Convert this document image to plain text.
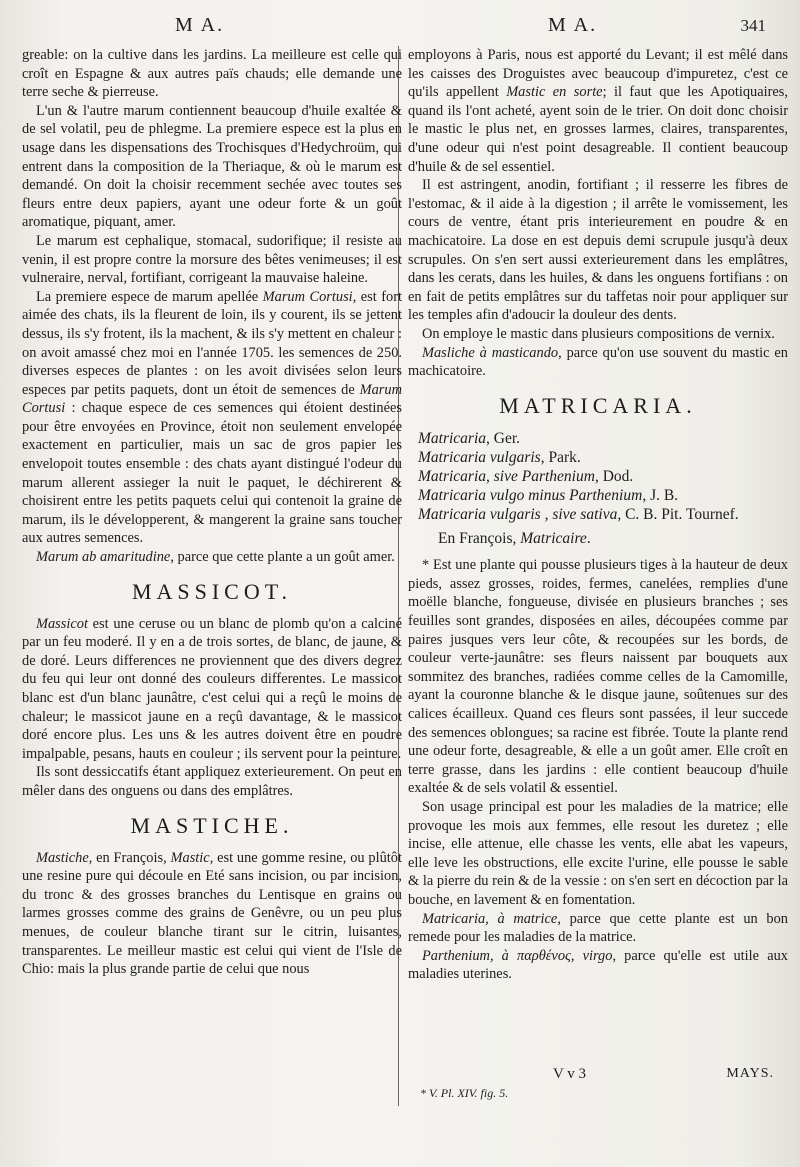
M A.	M A.	341

greable: on la cultive dans les jardins. La meilleure est celle qui croît en Espagne & aux autres païs chauds; elle demande une terre seche & pierreuse.

L'un & l'autre marum contiennent beaucoup d'huile exaltée & de sel volatil, peu de phlegme. La premiere espece est la plus en usage dans les dispensations des Trochisques d'Hedychroüm, qui entrent dans la composition de la Theriaque, & où le marum est demandé. On doit la choisir recemment sechée avec toutes ses fleurs entre deux papiers, ayant une odeur forte & un goût aromatique, piquant, amer.

Le marum est cephalique, stomacal, sudorifique; il resiste au venin, il est propre contre la morsure des bêtes venimeuses; il est vulneraire, nerval, fortifiant, corrigeant la mauvaise haleine.

La premiere espece de marum apellée Marum Cortusi, est fort aimée des chats, ils la fleurent de loin, ils y courent, ils se jettent dessus, ils s'y frotent, ils la machent, & ils s'y mettent en chaleur : on avoit amassé chez moi en l'année 1705. les semences de 250. diverses especes de plantes : on les avoit divisées selon leurs especes par petits paquets, dont un étoit de semences de Marum Cortusi : chaque espece de ces semences qui étoient destinées pour être envoyées en Province, étoit non seulement envelopée exactement en particulier, mais un sac de gros papier les envelopoit toutes ensemble : des chats ayant distingué l'odeur du marum allerent assieger la nuit le paquet, le déchirerent & choisirent entre les petits paquets celui qui contenoit la graine de marum, ils le développerent, & mangerent la graine sans toucher aux autres semences.

Marum ab amaritudine, parce que cette plante a un goût amer.

MASSICOT.

Massicot est une ceruse ou un blanc de plomb qu'on a calciné par un feu moderé. Il y en a de trois sortes, de blanc, de jaune, & de doré. Leurs differences ne proviennent que des divers degrez du feu qui leur ont donné des couleurs differentes. Le massicot blanc est d'un blanc jaunâtre, c'est celui qui a reçû le moins de chaleur; le massicot jaune en a reçû davantage, & le massicot doré encore plus. Les uns & les autres doivent être en poudre impalpable, pesans, hauts en couleur ; ils servent pour la peinture.

Ils sont dessiccatifs étant appliquez exterieurement. On peut en mêler dans des onguens ou dans des emplâtres.

MASTICHE.

Mastiche, en François, Mastic, est une gomme resine, ou plûtôt une resine pure qui découle en Eté sans incision, ou par incision, du tronc & des grosses branches du Lentisque en grains ou larmes grosses comme des grains de Genêvre, ou un peu plus menues, de couleur blanche tirant sur le citrin, luisantes, transparentes. Le meilleur mastic est celui qui vient de l'Isle de Chio: mais la plus grande partie de celui que nous

employons à Paris, nous est apporté du Levant; il est mêlé dans les caisses des Droguistes avec beaucoup d'impuretez, c'est ce qu'ils appellent Mastic en sorte; il faut que les Apotiquaires, quand ils l'ont acheté, ayent soin de le trier. On doit donc choisir le mastic le plus net, en grosses larmes, claires, transparentes, d'une odeur qui n'est point desagreable. Il contient beaucoup d'huile & de sel essentiel.

Il est astringent, anodin, fortifiant ; il resserre les fibres de l'estomac, & il aide à la digestion ; il arrête le vomissement, les cours de ventre, étant pris interieurement en poudre & en machicatoire. La dose en est depuis demi scrupule jusqu'à deux scrupules. On s'en sert aussi exterieurement dans les emplâtres, dans les cerats, dans les huiles, & dans les onguens fortifians : on en fait de petits emplâtres sur du taffetas noir pour appliquer sur les temples afin d'adoucir la douleur des dents.

On employe le mastic dans plusieurs compositions de vernix.

Masliche à masticando, parce qu'on use souvent du mastic en machicatoire.

MATRICARIA.

Matricaria, Ger.

Matricaria vulgaris, Park.

Matricaria, sive Parthenium, Dod.

Matricaria vulgo minus Parthenium, J. B.

Matricaria vulgaris , sive sativa, C. B. Pit. Tournef.

En François, Matricaire.

* Est une plante qui pousse plusieurs tiges à la hauteur de deux pieds, assez grosses, roides, fermes, canelées, remplies d'une moëlle blanche, fongueuse, divisée en plusieurs branches ; ses feuilles sont grandes, disposées en ailes, découpées comme par paires jusques vers leur côte, & recoupées sur les bords, de couleur verte-jaunâtre: ses fleurs naissent par bouquets aux sommitez des branches, radiées comme celles de la Camomille, ayant la couronne blanche & le disque jaune, soûtenues sur des calices écailleux. Quand ces fleurs sont passées, il leur succede des semences oblongues; sa racine est fibrée. Toute la plante rend une odeur forte, desagreable, & elle a un goût amer. Elle croît en terre grasse, dans les jardins : elle contient beaucoup d'huile exaltée & de sels volatil & essentiel.

Son usage principal est pour les maladies de la matrice; elle provoque les mois aux femmes, elle resout les duretez ; elle incise, elle attenue, elle chasse les vents, elle abat les vapeurs, elle leve les obstructions, elle excite l'urine, elle pousse le sable & la pierre du rein & de la vessie : on s'en sert en décoction par la bouche, en lavement & en fomentation.

Matricaria, à matrice, parce que cette plante est un bon remede pour les maladies de la matrice.

Parthenium, à παρθένος, virgo, parce qu'elle est utile aux maladies uterines.

V v 3	MAYS.
* V. Pl. XIV. fig. 5.
